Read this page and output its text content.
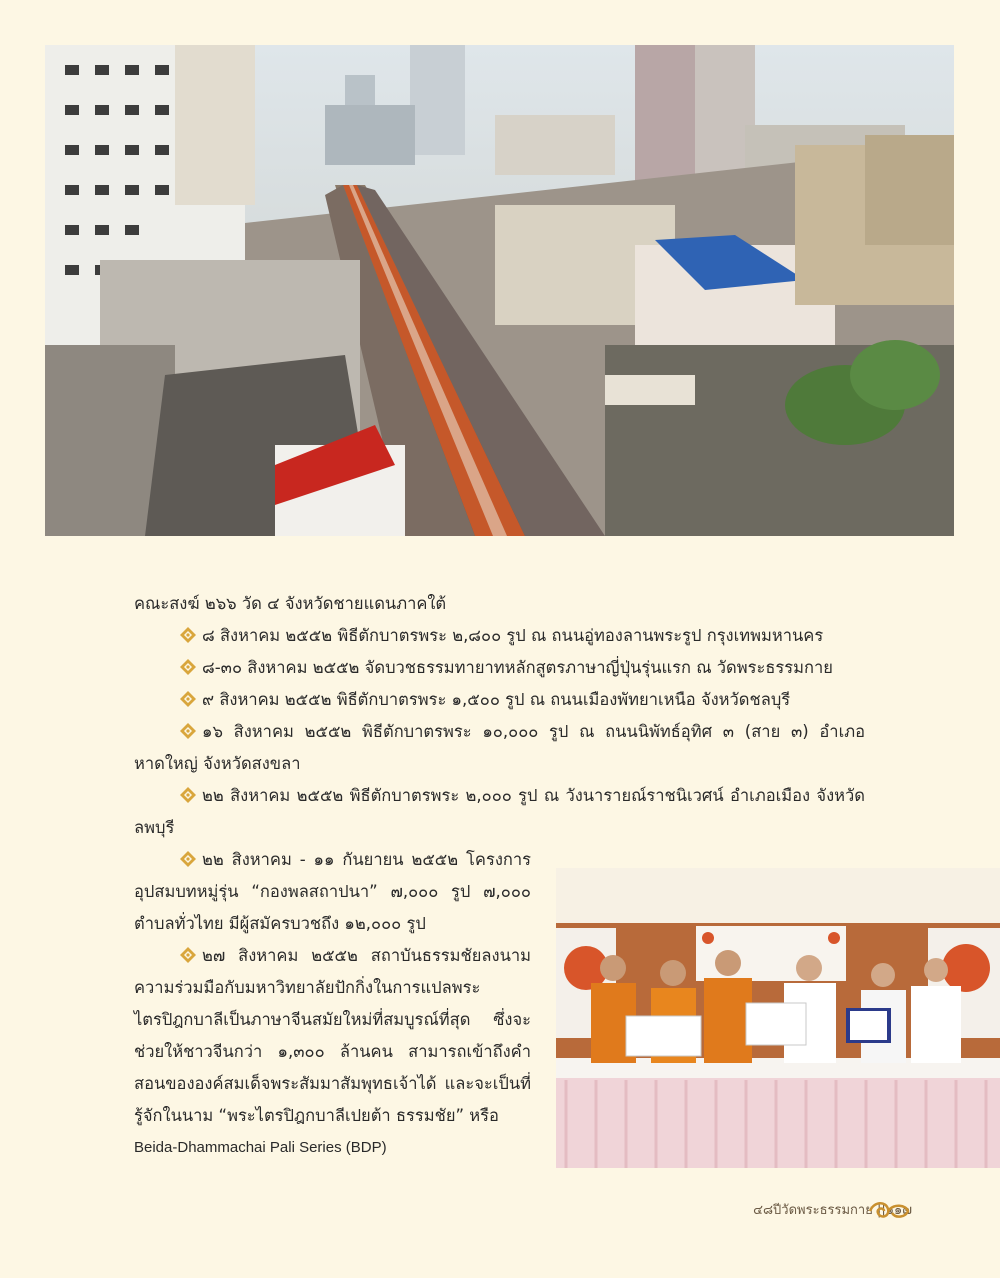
คณะสงฆ์ ๒๖๖ วัด ๔ จังหวัดชายแดนภาคใต้

๘ สิงหาคม ๒๕๕๒ พิธีตักบาตรพระ ๒,๘๐๐ รูป ณ ถนนอู่ทองลานพระรูป กรุงเทพมหานคร

๘-๓๐ สิงหาคม ๒๕๕๒ จัดบวชธรรมทายาทหลักสูตรภาษาญี่ปุ่นรุ่นแรก ณ วัดพระธรรมกาย

๙ สิงหาคม ๒๕๕๒ พิธีตักบาตรพระ ๑,๕๐๐ รูป ณ ถนนเมืองพัทยาเหนือ จังหวัดชลบุรี

๑๖ สิงหาคม ๒๕๕๒ พิธีตักบาตรพระ ๑๐,๐๐๐ รูป ณ ถนนนิพัทธ์อุทิศ ๓ (สาย ๓) อำเภอหาดใหญ่ จังหวัดสงขลา

๒๒ สิงหาคม ๒๕๕๒ พิธีตักบาตรพระ ๒,๐๐๐ รูป ณ วังนารายณ์ราชนิเวศน์ อำเภอเมือง จังหวัดลพบุรี

๒๒ สิงหาคม - ๑๑ กันยายน ๒๕๕๒ โครงการอุปสมบทหมู่รุ่น “กองพลสถาปนา” ๗,๐๐๐ รูป ๗,๐๐๐ ตำบลทั่วไทย มีผู้สมัครบวชถึง ๑๒,๐๐๐ รูป

๒๗ สิงหาคม ๒๕๕๒ สถาบันธรรมชัยลงนามความร่วมมือกับมหาวิทยาลัยปักกิ่งในการแปลพระไตรปิฎกบาลีเป็นภาษาจีนสมัยใหม่ที่สมบูรณ์ที่สุด ซึ่งจะช่วยให้ชาวจีนกว่า ๑,๓๐๐ ล้านคน สามารถเข้าถึงคำสอนขององค์สมเด็จพระสัมมาสัมพุทธเจ้าได้ และจะเป็นที่รู้จักในนาม “พระไตรปิฎกบาลีเปยต้า ธรรมชัย” หรือ

Beida-Dhammachai Pali Series (BDP)

๔๘ปีวัดพระธรรมกาย ||๑๑๗
